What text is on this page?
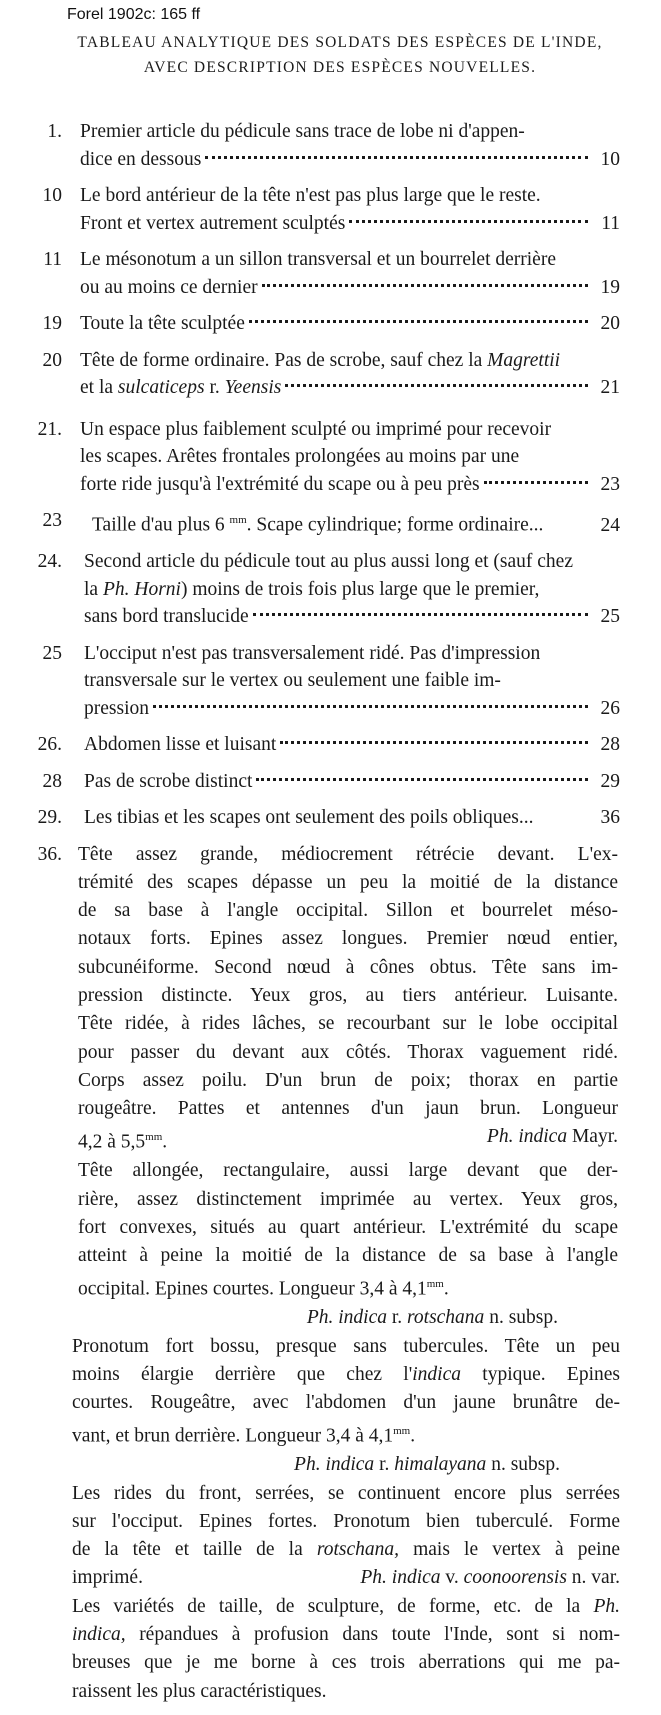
Forel 1902c: 165 ff
TABLEAU ANALYTIQUE DES SOLDATS DES ESPÈCES DE L'INDE,
AVEC DESCRIPTION DES ESPÈCES NOUVELLES.
1. Premier article du pédicule sans trace de lobe ni d'appen-
dice en dessous	10
10 Le bord antérieur de la tête n'est pas plus large que le reste.
Front et vertex autrement sculptés	11
11 Le mésonotum a un sillon transversal et un bourrelet derrière
ou au moins ce dernier	19
19 Toute la tête sculptée	20
20 Tête de forme ordinaire. Pas de scrobe, sauf chez la Magrettii
et la sulcaticeps r. Yeensis	21
21. Un espace plus faiblement sculpté ou imprimé pour recevoir
les scapes. Arêtes frontales prolongées au moins par une
forte ride jusqu'à l'extrémité du scape ou à peu près	23
23 Taille d'au plus 6 $^{mm}$. Scape cylindrique; forme ordinaire...	24
24. Second article du pédicule tout au plus aussi long et (sauf chez
la Ph. Horni) moins de trois fois plus large que le premier,
sans bord translucide	25
25 L'occiput n'est pas transversalement ridé. Pas d'impression
transversale sur le vertex ou seulement une faible im-
pression	26
26. Abdomen lisse et luisant	28
28 Pas de scrobe distinct	29
29. Les tibias et les scapes ont seulement des poils obliques...	36
36. Tête assez grande, médiocrement rétrécie devant. L'ex-
trémité des scapes dépasse un peu la moitié de la distance
de sa base à l'angle occipital. Sillon et bourrelet méso-
notaux forts. Epines assez longues. Premier nœud entier,
subcunéiforme. Second nœud à cônes obtus. Tête sans im-
pression distincte. Yeux gros, au tiers antérieur. Luisante.
Tête ridée, à rides lâches, se recourbant sur le lobe occipital
pour passer du devant aux côtés. Thorax vaguement ridé.
Corps assez poilu. D'un brun de poix; thorax en partie
rougeâtre. Pattes et antennes d'un jaun brun. Longueur
4,2 à $5,5^{mm}$.	Ph. indica Mayr.
Tête allongée, rectangulaire, aussi large devant que der-
rière, assez distinctement imprimée au vertex. Yeux gros,
fort convexes, situés au quart antérieur. L'extrémité du scape
atteint à peine la moitié de la distance de sa base à l'angle
occipital. Epines courtes. Longueur 3,4 à $4,1^{mm}$.
Ph. indica r. rotschana n. subsp.
Pronotum fort bossu, presque sans tubercules. Tête un peu
moins élargie derrière que chez l'indica typique. Epines
courtes. Rougeâtre, avec l'abdomen d'un jaune brunâtre de-
vant, et brun derrière. Longueur 3,4 à $4,1^{mm}$.
Ph. indica r. himalayana n. subsp.
Les rides du front, serrées, se continuent encore plus serrées
sur l'occiput. Epines fortes. Pronotum bien tuberculé. Forme
de la tête et taille de la rotschana, mais le vertex à peine
imprimé.	Ph. indica v. coonoorensis n. var.
Les variétés de taille, de sculpture, de forme, etc. de la Ph.
indica, répandues à profusion dans toute l'Inde, sont si nom-
breuses que je me borne à ces trois aberrations qui me pa-
raissent les plus caractéristiques.
